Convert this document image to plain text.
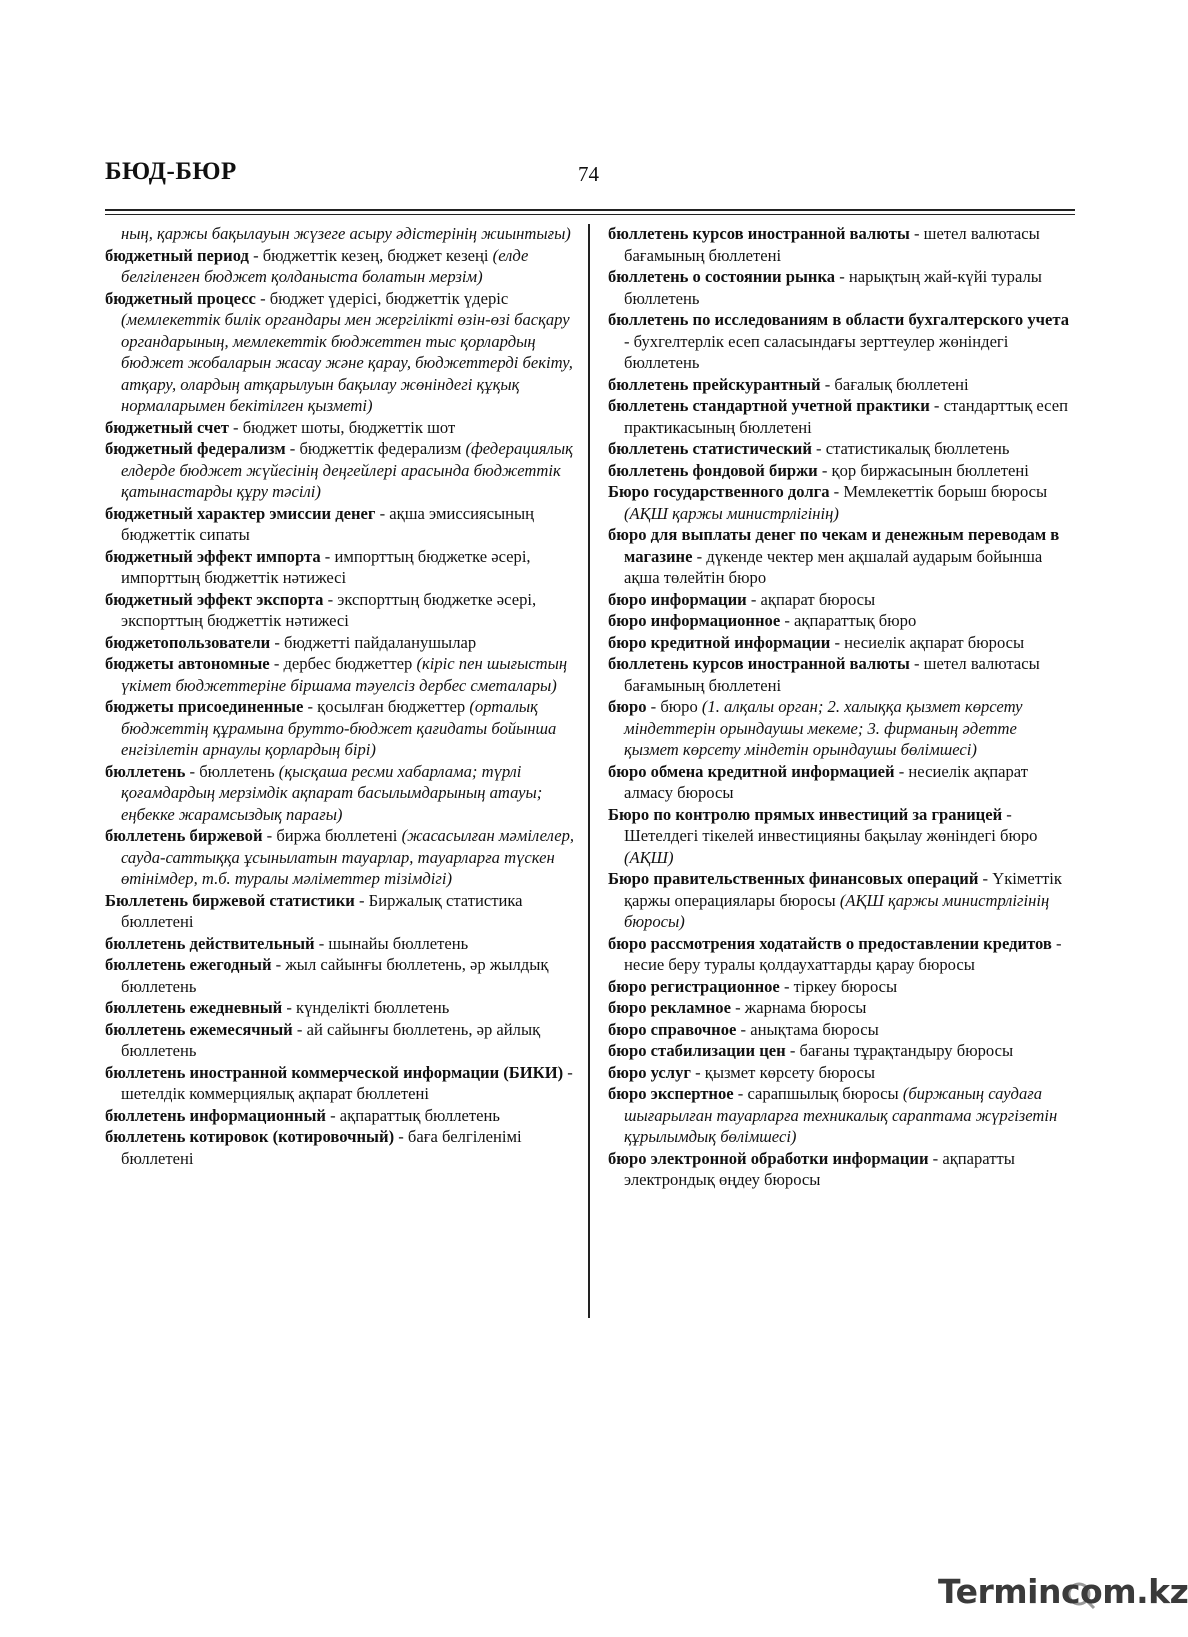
БЮД-БЮР	74
ның, қаржы бақылауын жүзеге асыру әдістерінің жиынтығы)
бюджетный период - бюджеттік кезең, бюджет кезеңі (елде белгіленген бюджет қолданыста болатын мерзім)
бюджетный процесс - бюджет үдерісі, бюджеттік үдеріс (мемлекеттік билік органдары мен жергілікті өзін-өзі басқару органдарының, мемлекеттік бюджеттен тыс қорлардың бюджет жобаларын жасау және қарау, бюджеттерді бекіту, атқару, олардың атқарылуын бақылау жөніндегі құқық нормаларымен бекітілген қызметі)
бюджетный счет - бюджет шоты, бюджеттік шот
бюджетный федерализм - бюджеттік федерализм (федерациялық елдерде бюджет жүйесінің деңгейлері арасында бюджеттік қатынастарды құру тәсілі)
бюджетный характер эмиссии денег - ақша эмиссиясының бюджеттік сипаты
бюджетный эффект импорта - импорттың бюджетке әсері, импорттың бюджеттік нәтижесі
бюджетный эффект экспорта - экспорттың бюджетке әсері, экспорттың бюджеттік нәтижесі
бюджетопользователи - бюджетті пайдаланушылар
бюджеты автономные - дербес бюджеттер (кіріс пен шығыстың үкімет бюджеттеріне біршама тәуелсіз дербес сметалары)
бюджеты присоединенные - қосылған бюджеттер (орталық бюджеттің құрамына брутто-бюджет қағидаты бойынша енгізілетін арнаулы қорлардың бірі)
бюллетень - бюллетень (қысқаша ресми хабарлама; түрлі қоғамдардың мерзімдік ақпарат басылымдарының атауы; еңбекке жарамсыздық парағы)
бюллетень биржевой - биржа бюллетені (жасасылған мәмілелер, сауда-саттыққа ұсынылатын тауарлар, тауарларға түскен өтінімдер, т.б. туралы мәліметтер тізімдігі)
Бюллетень биржевой статистики - Биржалық статистика бюллетені
бюллетень действительный - шынайы бюллетень
бюллетень ежегодный - жыл сайынғы бюллетень, әр жылдық бюллетень
бюллетень ежедневный - күнделікті бюллетень
бюллетень ежемесячный - ай сайынғы бюллетень, әр айлық бюллетень
бюллетень иностранной коммерческой информации (БИКИ) - шетелдік коммерциялық ақпарат бюллетені
бюллетень информационный - ақпараттық бюллетень
бюллетень котировок (котировочный) - баға белгіленімі бюллетені
бюллетень курсов иностранной валюты - шетел валютасы бағамының бюллетені
бюллетень о состоянии рынка - нарықтың жай-күйі туралы бюллетень
бюллетень по исследованиям в области бухгалтерского учета - бухгелтерлік есеп саласындағы зерттеулер жөніндегі бюллетень
бюллетень прейскурантный - бағалық бюллетені
бюллетень стандартной учетной практики - стандарттық есеп практикасының бюллетені
бюллетень статистический - статистикалық бюллетень
бюллетень фондовой биржи - қор биржасынын бюллетені
Бюро государственного долга - Мемлекеттік борыш бюросы (АҚШ қаржы министрлігінің)
бюро для выплаты денег по чекам и денежным переводам в магазине - дүкенде чектер мен ақшалай аударым бойынша ақша төлейтін бюро
бюро информации - ақпарат бюросы
бюро информационное - ақпараттық бюро
бюро кредитной информации - несиелік ақпарат бюросы
бюллетень курсов иностранной валюты - шетел валютасы бағамының бюллетені
бюро - бюро (1. алқалы орган; 2. халыққа қызмет көрсету міндеттерін орындаушы мекеме; 3. фирманың әдетте қызмет көрсету міндетін орындаушы бөлімшесі)
бюро обмена кредитной информацией - несиелік ақпарат алмасу бюросы
Бюро по контролю прямых инвестиций за границей - Шетелдегі тікелей инвестицияны бақылау жөніндегі бюро (АҚШ)
Бюро правительственных финансовых операций - Үкіметтік қаржы операциялары бюросы (АҚШ қаржы министрлігінің бюросы)
бюро рассмотрения ходатайств о предоставлении кредитов - несие беру туралы қолдаухаттарды қарау бюросы
бюро регистрационное - тіркеу бюросы
бюро рекламное - жарнама бюросы
бюро справочное - анықтама бюросы
бюро стабилизации цен - бағаны тұрақтандыру бюросы
бюро услуг - қызмет көрсету бюросы
бюро экспертное - сарапшылық бюросы (биржаның саудаға шығарылған тауарларға техникалық сараптама жүргізетін құрылымдық бөлімшесі)
бюро электронной обработки информации - ақпаратты электрондық өңдеу бюросы
Termincom.kz
